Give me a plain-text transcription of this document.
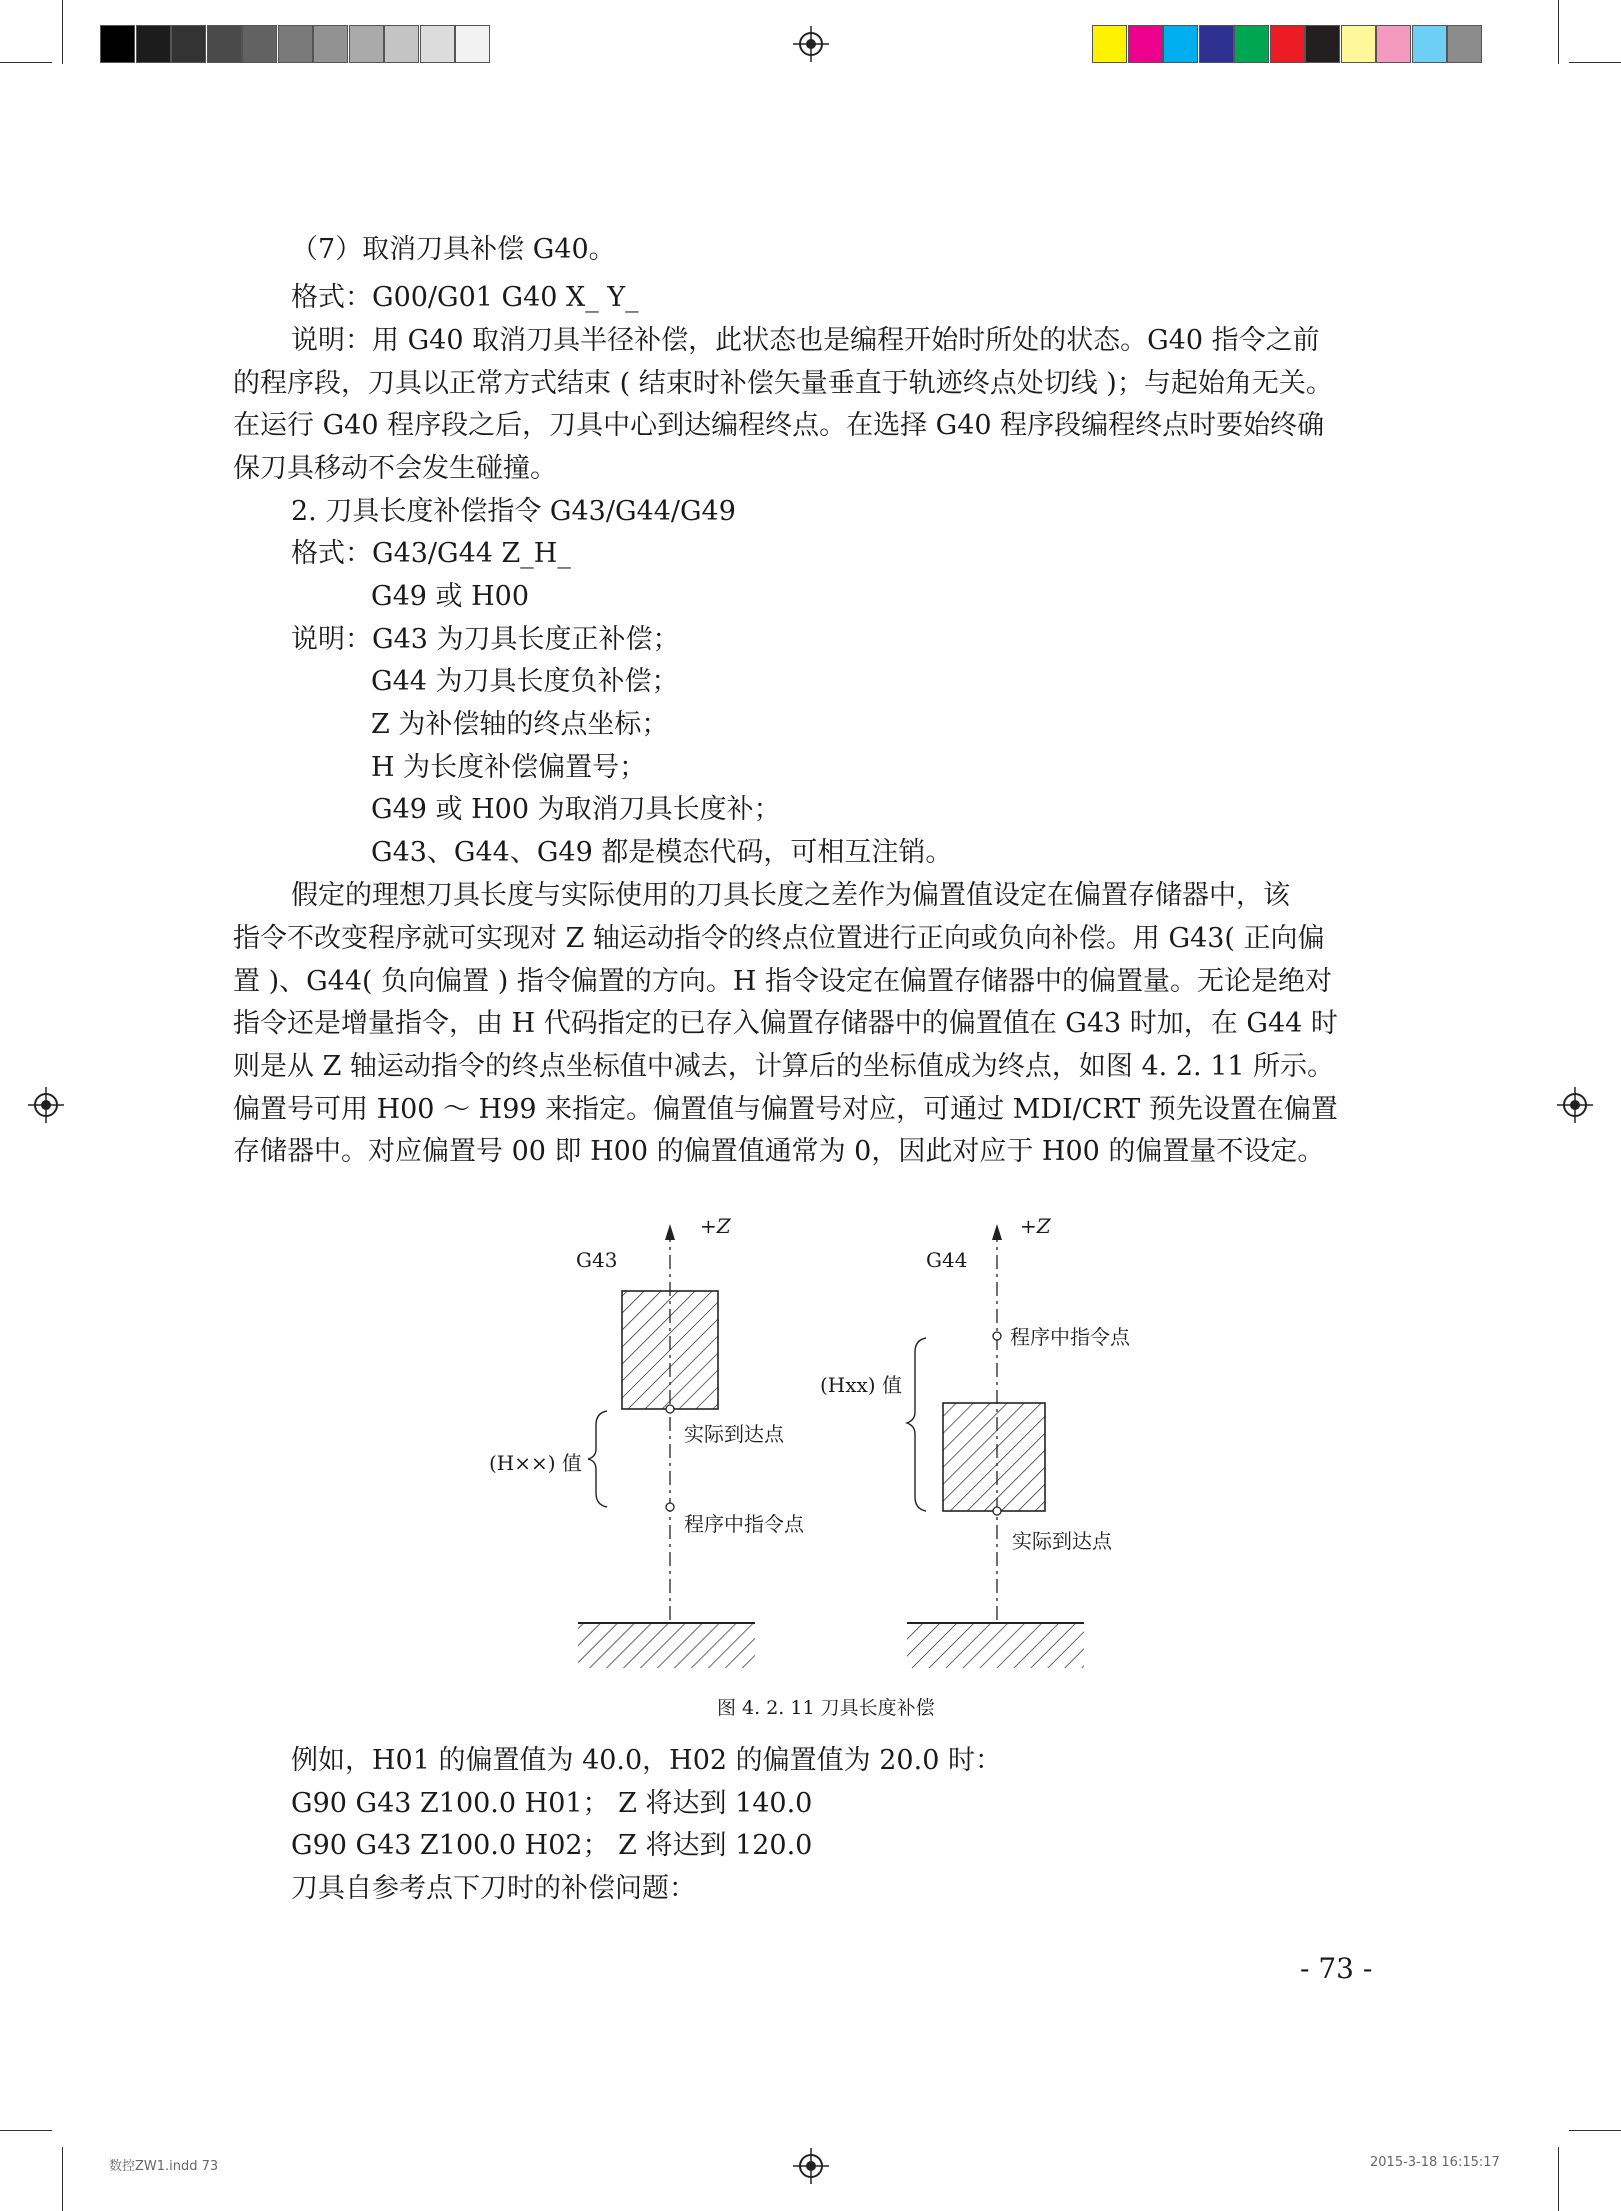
（7）取消刀具补偿 G40。
格式：G00/G01 G40 X_ Y_
说明：用 G40 取消刀具半径补偿，此状态也是编程开始时所处的状态。G40 指令之前
的程序段，刀具以正常方式结束 ( 结束时补偿矢量垂直于轨迹终点处切线 )；与起始角无关。
在运行 G40 程序段之后，刀具中心到达编程终点。在选择 G40 程序段编程终点时要始终确
保刀具移动不会发生碰撞。
2. 刀具长度补偿指令 G43/G44/G49
格式：G43/G44 Z_H_
G49 或 H00
说明：G43 为刀具长度正补偿；
G44 为刀具长度负补偿；
Z 为补偿轴的终点坐标；
H 为长度补偿偏置号；
G49 或 H00 为取消刀具长度补；
G43、G44、G49 都是模态代码，可相互注销。
假定的理想刀具长度与实际使用的刀具长度之差作为偏置值设定在偏置存储器中，该
指令不改变程序就可实现对 Z 轴运动指令的终点位置进行正向或负向补偿。用 G43( 正向偏
置 )、G44( 负向偏置 ) 指令偏置的方向。H 指令设定在偏置存储器中的偏置量。无论是绝对
指令还是增量指令，由 H 代码指定的已存入偏置存储器中的偏置值在 G43 时加，在 G44 时
则是从 Z 轴运动指令的终点坐标值中减去，计算后的坐标值成为终点，如图 4. 2. 11 所示。
偏置号可用 H00 ～ H99 来指定。偏置值与偏置号对应，可通过 MDI/CRT 预先设置在偏置
存储器中。对应偏置号 00 即 H00 的偏置值通常为 0，因此对应于 H00 的偏置量不设定。
例如，H01 的偏置值为 40.0，H02 的偏置值为 20.0 时：
G90 G43 Z100.0 H01； Z 将达到 140.0
G90 G43 Z100.0 H02； Z 将达到 120.0
刀具自参考点下刀时的补偿问题：
+Z
G43
实际到达点
程序中指令点
(H××) 值
+Z
G44
程序中指令点
实际到达点
(Hxx) 值
图 4. 2. 11 刀具长度补偿
- 73 -
数控ZW1.indd 73	2015-3-18 16:15:17
